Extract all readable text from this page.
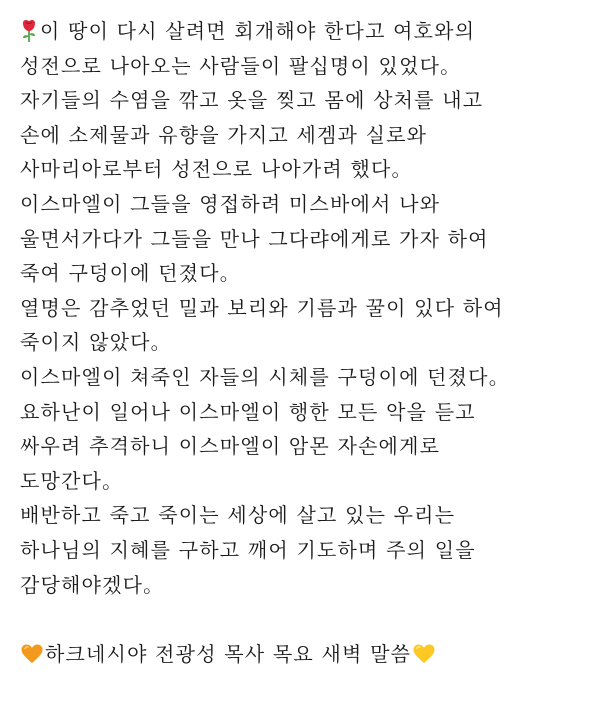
이 땅이 다시 살려면 회개해야 한다고 여호와의
성전으로 나아오는 사람들이 팔십명이 있었다。
자기들의 수염을 깎고 옷을 찢고 몸에 상처를 내고
손에 소제물과 유향을 가지고 세겜과 실로와
사마리아로부터 성전으로 나아가려 했다。
이스마엘이 그들을 영접하려 미스바에서 나와
울면서가다가 그들을 만나 그다랴에게로 가자 하여
죽여 구덩이에 던졌다。
열명은 감추었던 밀과 보리와 기름과 꿀이 있다 하여
죽이지 않았다。
이스마엘이 쳐죽인 자들의 시체를 구덩이에 던졌다。
요하난이 일어나 이스마엘이 행한 모든 악을 듣고
싸우려 추격하니 이스마엘이 암몬 자손에게로
도망간다。
배반하고 죽고 죽이는 세상에 살고 있는 우리는
하나님의 지혜를 구하고 깨어 기도하며 주의 일을
감당해야겠다。
하크네시야 전광성 목사 목요 새벽 말씀
